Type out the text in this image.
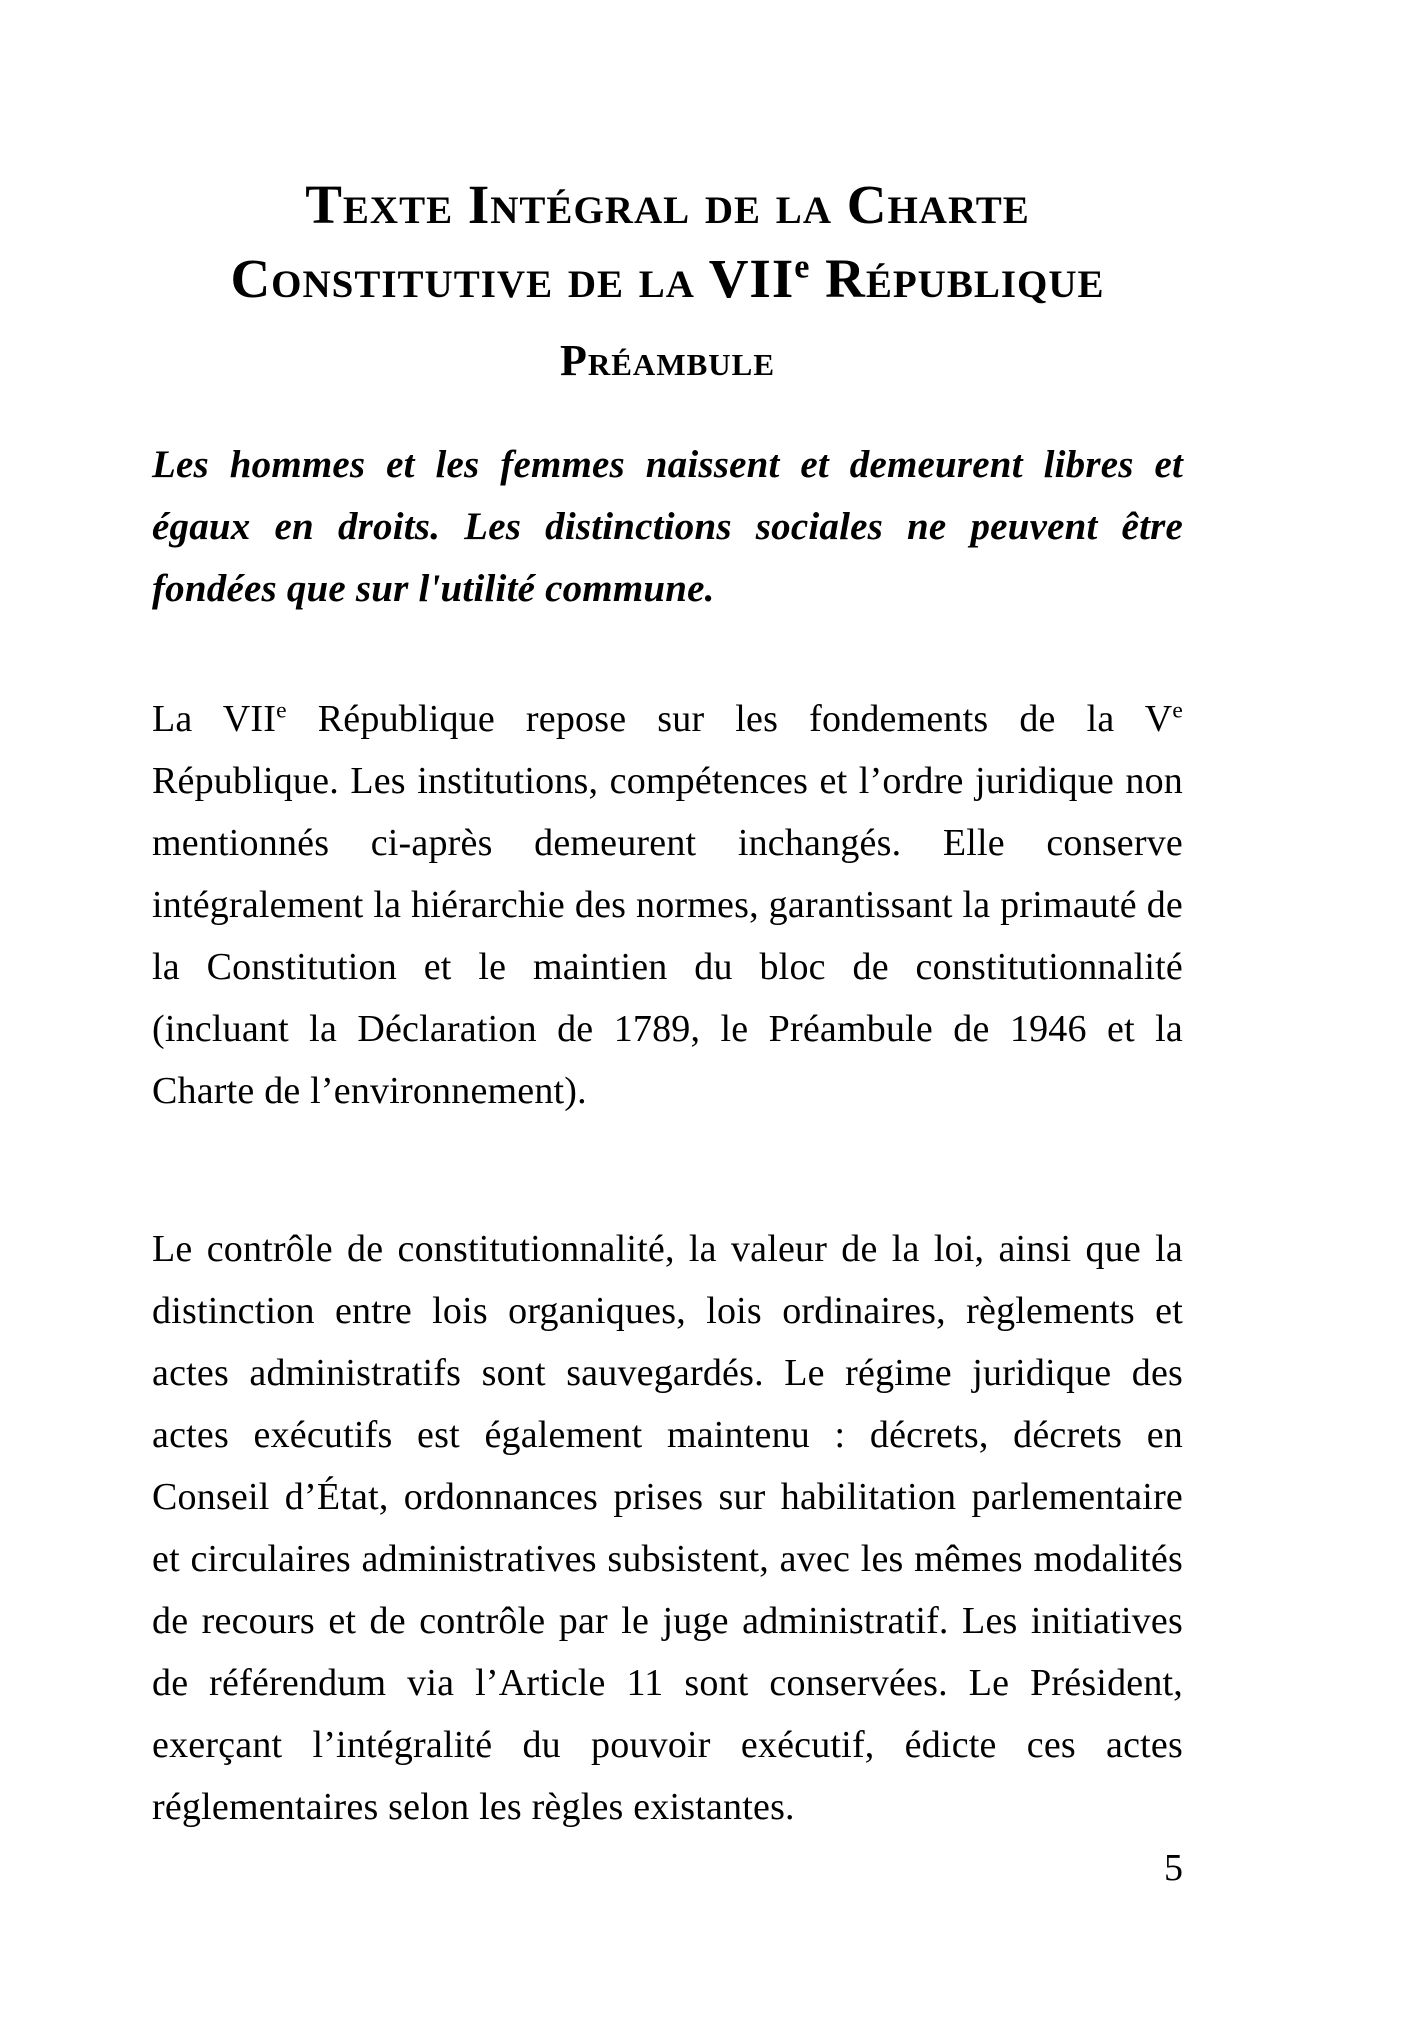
Texte Intégral de la Charte
Constitutive de la VIIe République
Préambule
Les hommes et les femmes naissent et demeurent libres et égaux en droits. Les distinctions sociales ne peuvent être fondées que sur l'utilité commune.
La VIIe République repose sur les fondements de la Ve République. Les institutions, compétences et l’ordre juridique non mentionnés ci-après demeurent inchangés. Elle conserve intégralement la hiérarchie des normes, garantissant la primauté de la Constitution et le maintien du bloc de constitutionnalité (incluant la Déclaration de 1789, le Préambule de 1946 et la Charte de l’environnement).
Le contrôle de constitutionnalité, la valeur de la loi, ainsi que la distinction entre lois organiques, lois ordinaires, règlements et actes administratifs sont sauvegardés. Le régime juridique des actes exécutifs est également maintenu : décrets, décrets en Conseil d’État, ordonnances prises sur habilitation parlementaire et circulaires administratives subsistent, avec les mêmes modalités de recours et de contrôle par le juge administratif. Les initiatives de référendum via l’Article 11 sont conservées. Le Président, exerçant l’intégralité du pouvoir exécutif, édicte ces actes réglementaires selon les règles existantes.
5
